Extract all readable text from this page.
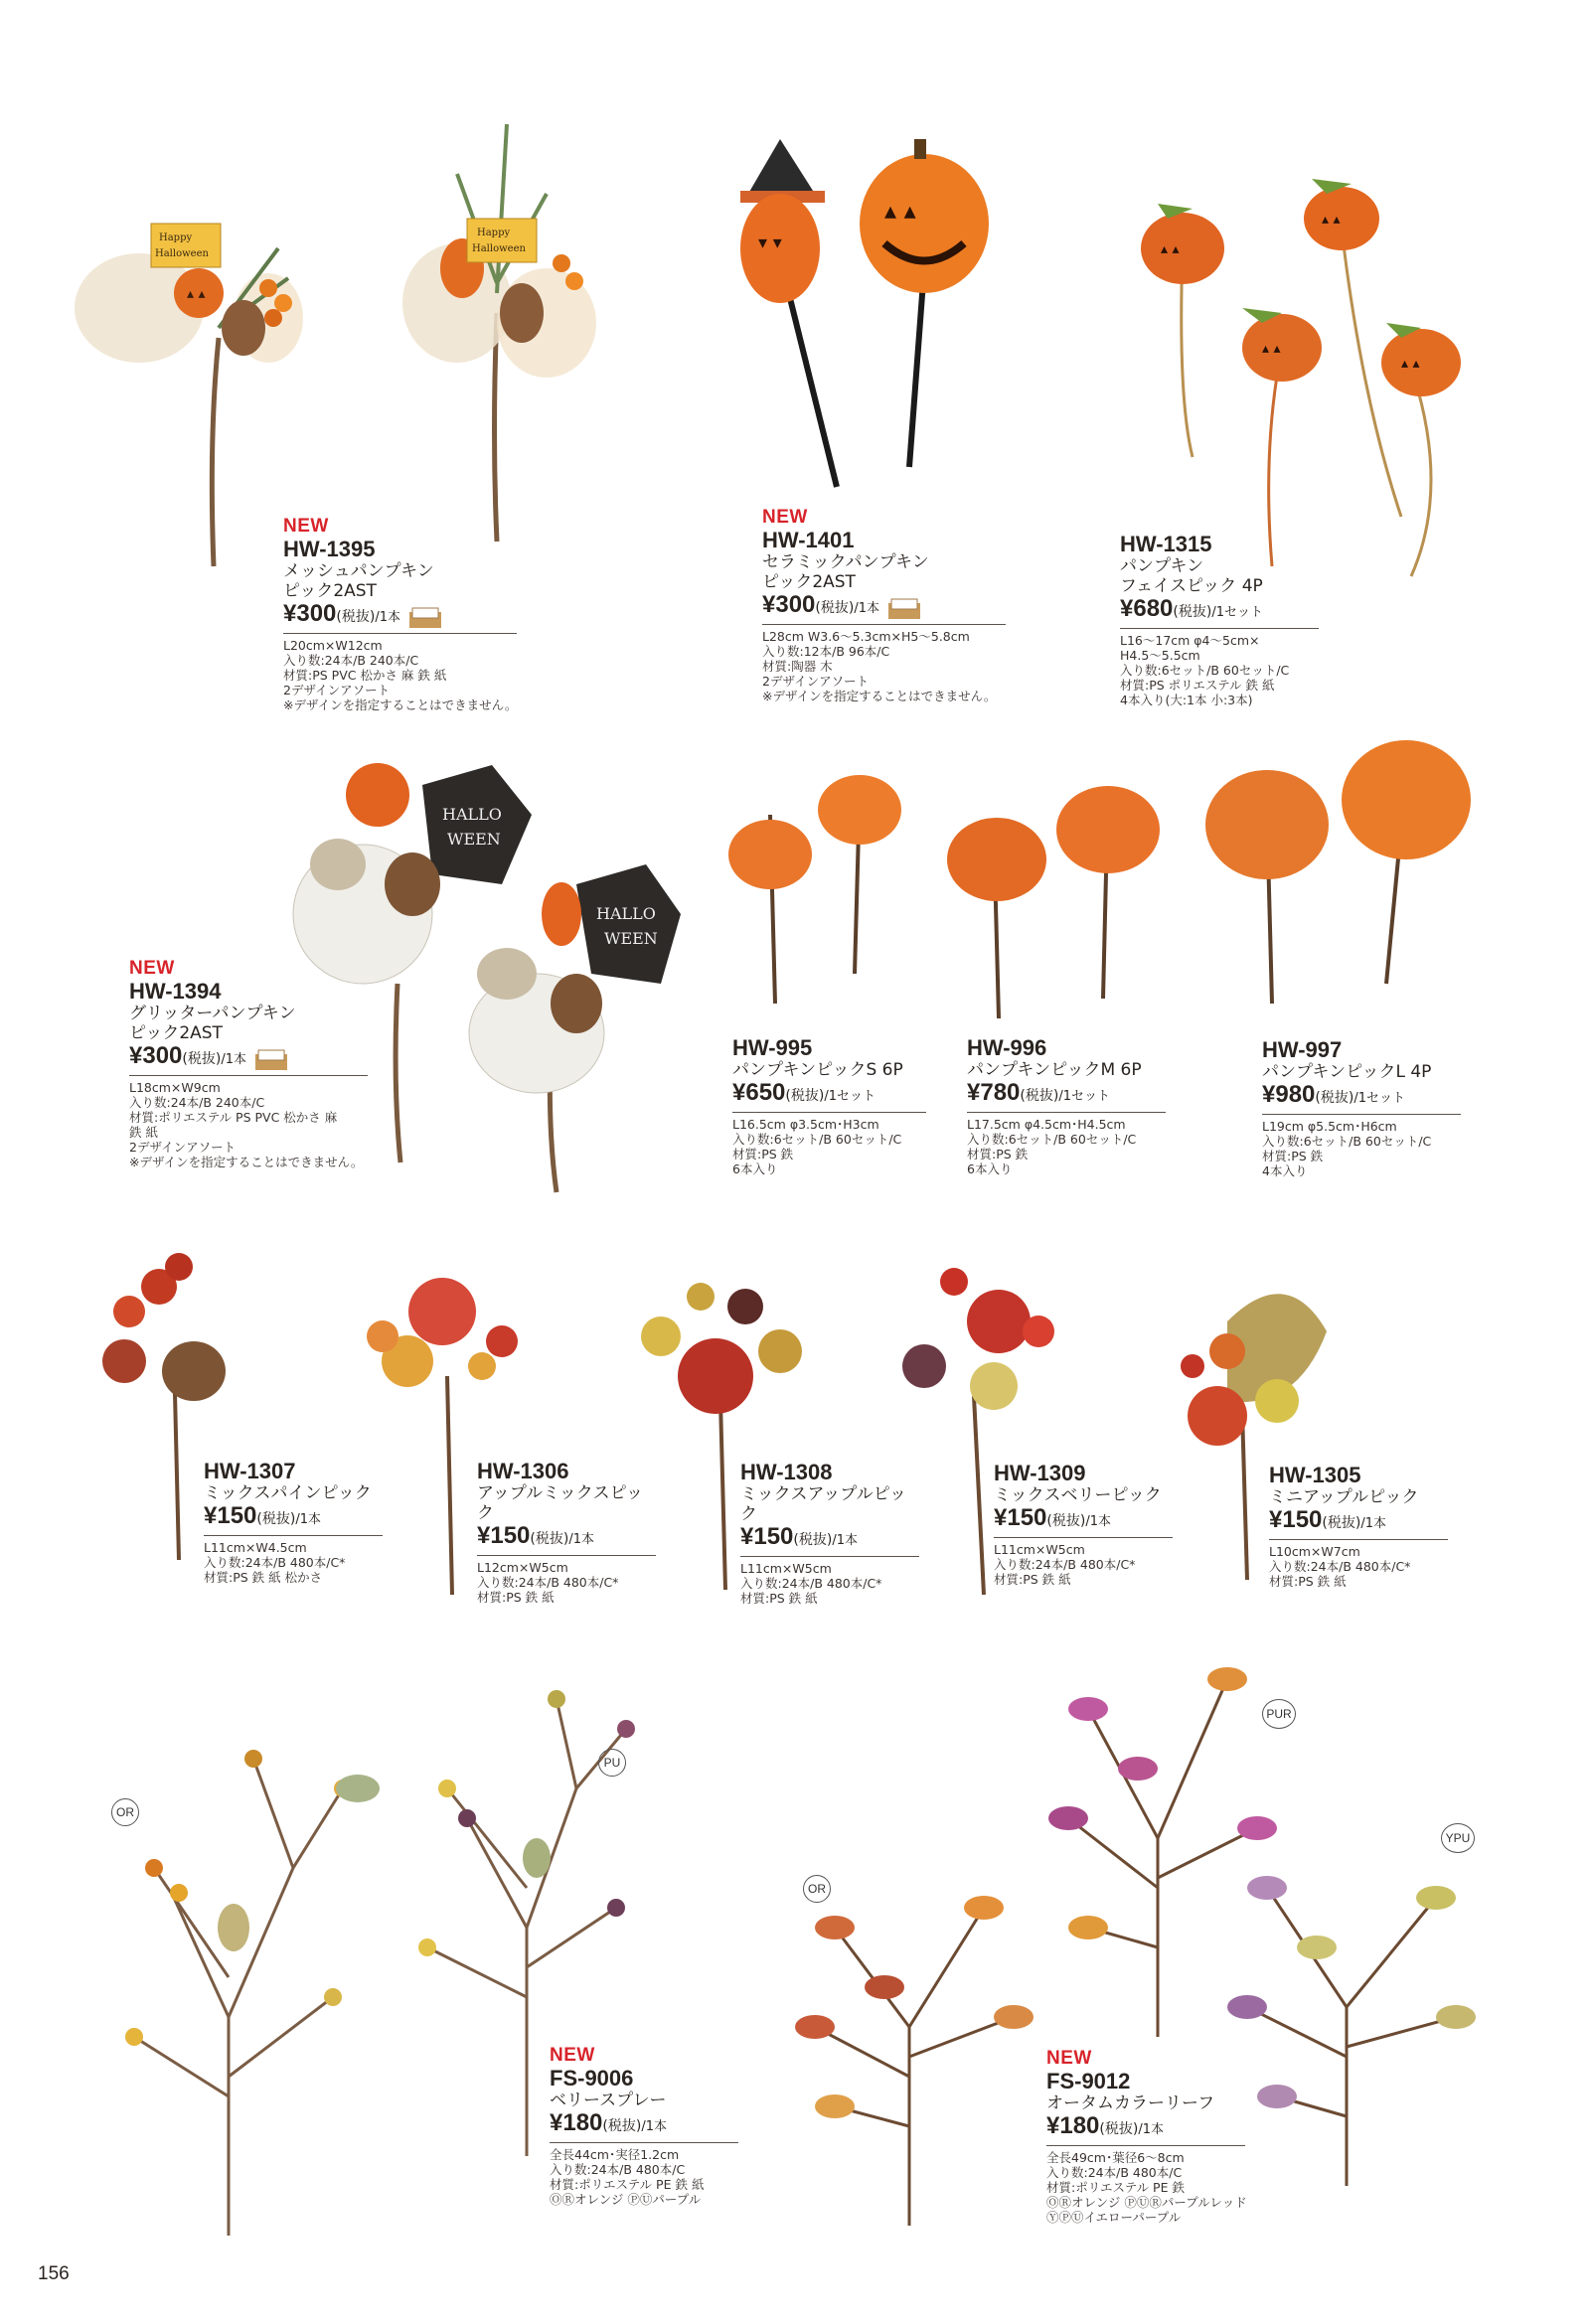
▴ ▴
Happy
Halloween
Happy
Halloween	▾ ▾
▴ ▴
▴ ▴
▴ ▴
▴ ▴
▴ ▴
HALLO
WEEN
HALLO
WEEN
OR
PU
OR
PUR
YPU
NEW
HW-1395
メッシュパンプキン
ピック2AST
¥300(税抜)/1本
L20cm×W12cm
入り数:24本/B 240本/C
材質:PS PVC 松かさ 麻 鉄 紙
2デザインアソート
※デザインを指定することはできません。
NEW
HW-1401
セラミックパンプキン
ピック2AST
¥300(税抜)/1本
L28cm W3.6～5.3cm×H5～5.8cm
入り数:12本/B 96本/C
材質:陶器 木
2デザインアソート
※デザインを指定することはできません。
HW-1315
パンプキン
フェイスピック 4P
¥680(税抜)/1セット
L16～17cm φ4～5cm×
H4.5～5.5cm
入り数:6セット/B 60セット/C
材質:PS ポリエステル 鉄 紙
4本入り(大:1本 小:3本)
NEW
HW-1394
グリッターパンプキン
ピック2AST
¥300(税抜)/1本
L18cm×W9cm
入り数:24本/B 240本/C
材質:ポリエステル PS PVC 松かさ 麻
鉄 紙
2デザインアソート
※デザインを指定することはできません。
HW-995
パンプキンピックS 6P
¥650(税抜)/1セット
L16.5cm φ3.5cm･H3cm
入り数:6セット/B 60セット/C
材質:PS 鉄
6本入り
HW-996
パンプキンピックM 6P
¥780(税抜)/1セット
L17.5cm φ4.5cm･H4.5cm
入り数:6セット/B 60セット/C
材質:PS 鉄
6本入り
HW-997
パンプキンピックL 4P
¥980(税抜)/1セット
L19cm φ5.5cm･H6cm
入り数:6セット/B 60セット/C
材質:PS 鉄
4本入り
HW-1307
ミックスパインピック
¥150(税抜)/1本
L11cm×W4.5cm
入り数:24本/B 480本/C*
材質:PS 鉄 紙 松かさ
HW-1306
アップルミックスピック
¥150(税抜)/1本
L12cm×W5cm
入り数:24本/B 480本/C*
材質:PS 鉄 紙
HW-1308
ミックスアップルピック
¥150(税抜)/1本
L11cm×W5cm
入り数:24本/B 480本/C*
材質:PS 鉄 紙
HW-1309
ミックスベリーピック
¥150(税抜)/1本
L11cm×W5cm
入り数:24本/B 480本/C*
材質:PS 鉄 紙
HW-1305
ミニアップルピック
¥150(税抜)/1本
L10cm×W7cm
入り数:24本/B 480本/C*
材質:PS 鉄 紙
NEW
FS-9006
ベリースプレー
¥180(税抜)/1本
全長44cm･実径1.2cm
入り数:24本/B 480本/C
材質:ポリエステル PE 鉄 紙
ⓄⓇオレンジ ⓅⓊパープル
NEW
FS-9012
オータムカラーリーフ
¥180(税抜)/1本
全長49cm･葉径6～8cm
入り数:24本/B 480本/C
材質:ポリエステル PE 鉄
ⓄⓇオレンジ ⓅⓊⓇパープルレッド
ⓎⓅⓊイエローパープル
156
